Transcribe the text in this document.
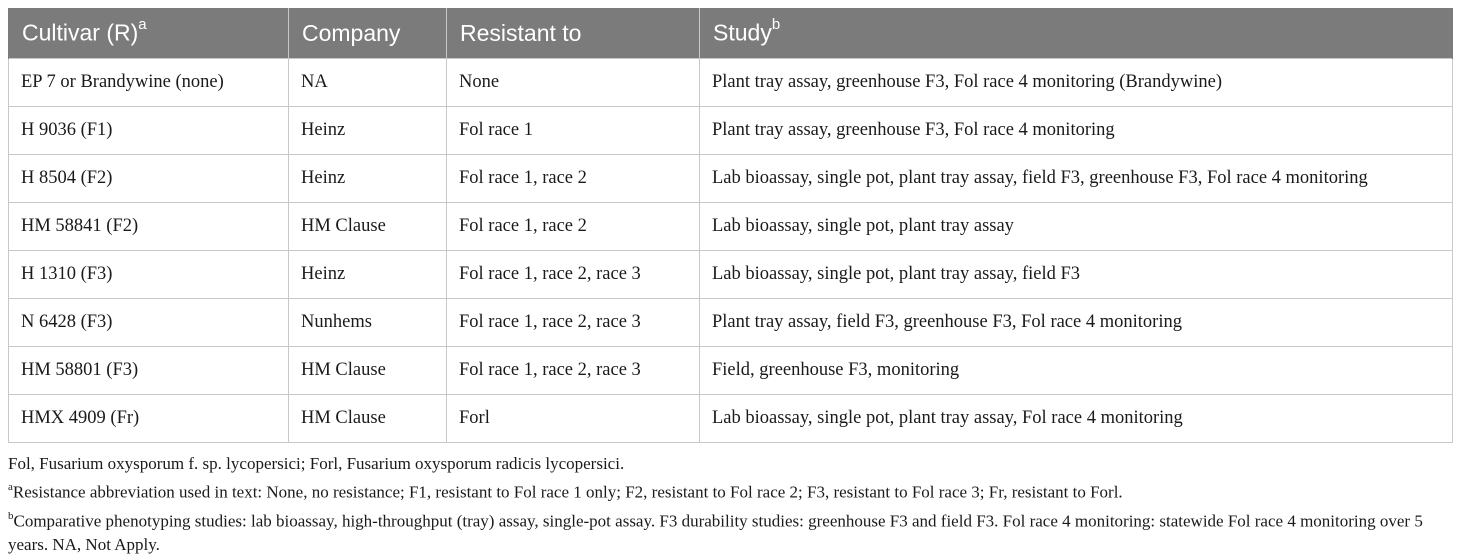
Cultivar $(R)^a$	Company	Resistant to	Study$^b$
EP 7 or Brandywine (none)	NA	None	Plant tray assay, greenhouse F3, Fol race 4 monitoring (Brandywine)
H 9036 (F1)	Heinz	Fol race 1	Plant tray assay, greenhouse F3, Fol race 4 monitoring
H 8504 (F2)	Heinz	Fol race 1, race 2	Lab bioassay, single pot, plant tray assay, field F3, greenhouse F3, Fol race 4 monitoring
HM 58841 (F2)	HM Clause	Fol race 1, race 2	Lab bioassay, single pot, plant tray assay
H 1310 (F3)	Heinz	Fol race 1, race 2, race 3	Lab bioassay, single pot, plant tray assay, field F3
N 6428 (F3)	Nunhems	Fol race 1, race 2, race 3	Plant tray assay, field F3, greenhouse F3, Fol race 4 monitoring
HM 58801 (F3)	HM Clause	Fol race 1, race 2, race 3	Field, greenhouse F3, monitoring
HMX 4909 (Fr)	HM Clause	Forl	Lab bioassay, single pot, plant tray assay, Fol race 4 monitoring

Fol, Fusarium oxysporum f. sp. lycopersici; Forl, Fusarium oxysporum radicis lycopersici.

$^a$Resistance abbreviation used in text: None, no resistance; F1, resistant to Fol race 1 only; F2, resistant to Fol race 2; F3, resistant to Fol race 3; Fr, resistant to Forl.

$^b$Comparative phenotyping studies: lab bioassay, high-throughput (tray) assay, single-pot assay. F3 durability studies: greenhouse F3 and field F3. Fol race 4 monitoring: statewide Fol race 4 monitoring over 5 years. NA, Not Apply.
